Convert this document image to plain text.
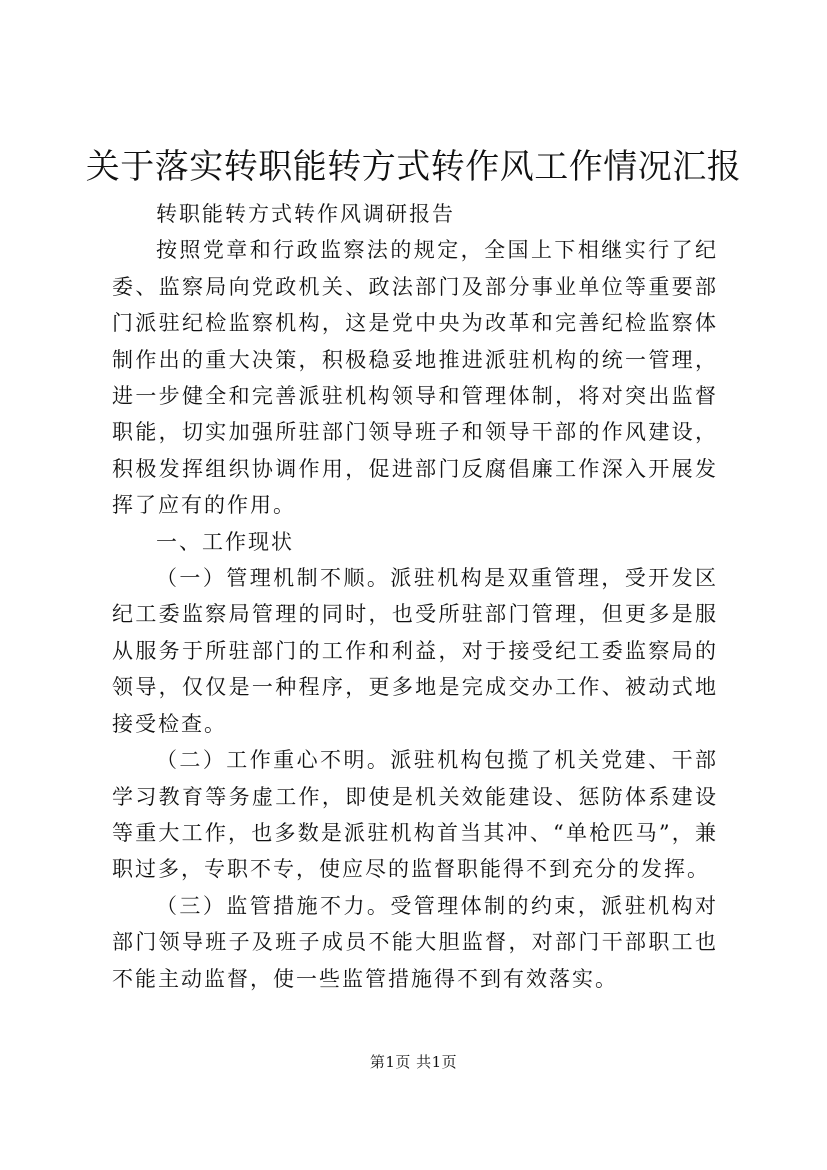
关于落实转职能转方式转作风工作情况汇报

转职能转方式转作风调研报告

按照党章和行政监察法的规定，全国上下相继实行了纪委、监察局向党政机关、政法部门及部分事业单位等重要部门派驻纪检监察机构，这是党中央为改革和完善纪检监察体制作出的重大决策，积极稳妥地推进派驻机构的统一管理，进一步健全和完善派驻机构领导和管理体制，将对突出监督职能，切实加强所驻部门领导班子和领导干部的作风建设，积极发挥组织协调作用，促进部门反腐倡廉工作深入开展发挥了应有的作用。

一、工作现状

（一）管理机制不顺。派驻机构是双重管理，受开发区纪工委监察局管理的同时，也受所驻部门管理，但更多是服从服务于所驻部门的工作和利益，对于接受纪工委监察局的领导，仅仅是一种程序，更多地是完成交办工作、被动式地接受检查。

（二）工作重心不明。派驻机构包揽了机关党建、干部学习教育等务虚工作，即使是机关效能建设、惩防体系建设等重大工作，也多数是派驻机构首当其冲、“单枪匹马”，兼职过多，专职不专，使应尽的监督职能得不到充分的发挥。

（三）监管措施不力。受管理体制的约束，派驻机构对部门领导班子及班子成员不能大胆监督，对部门干部职工也不能主动监督，使一些监管措施得不到有效落实。

第1页 共1页
